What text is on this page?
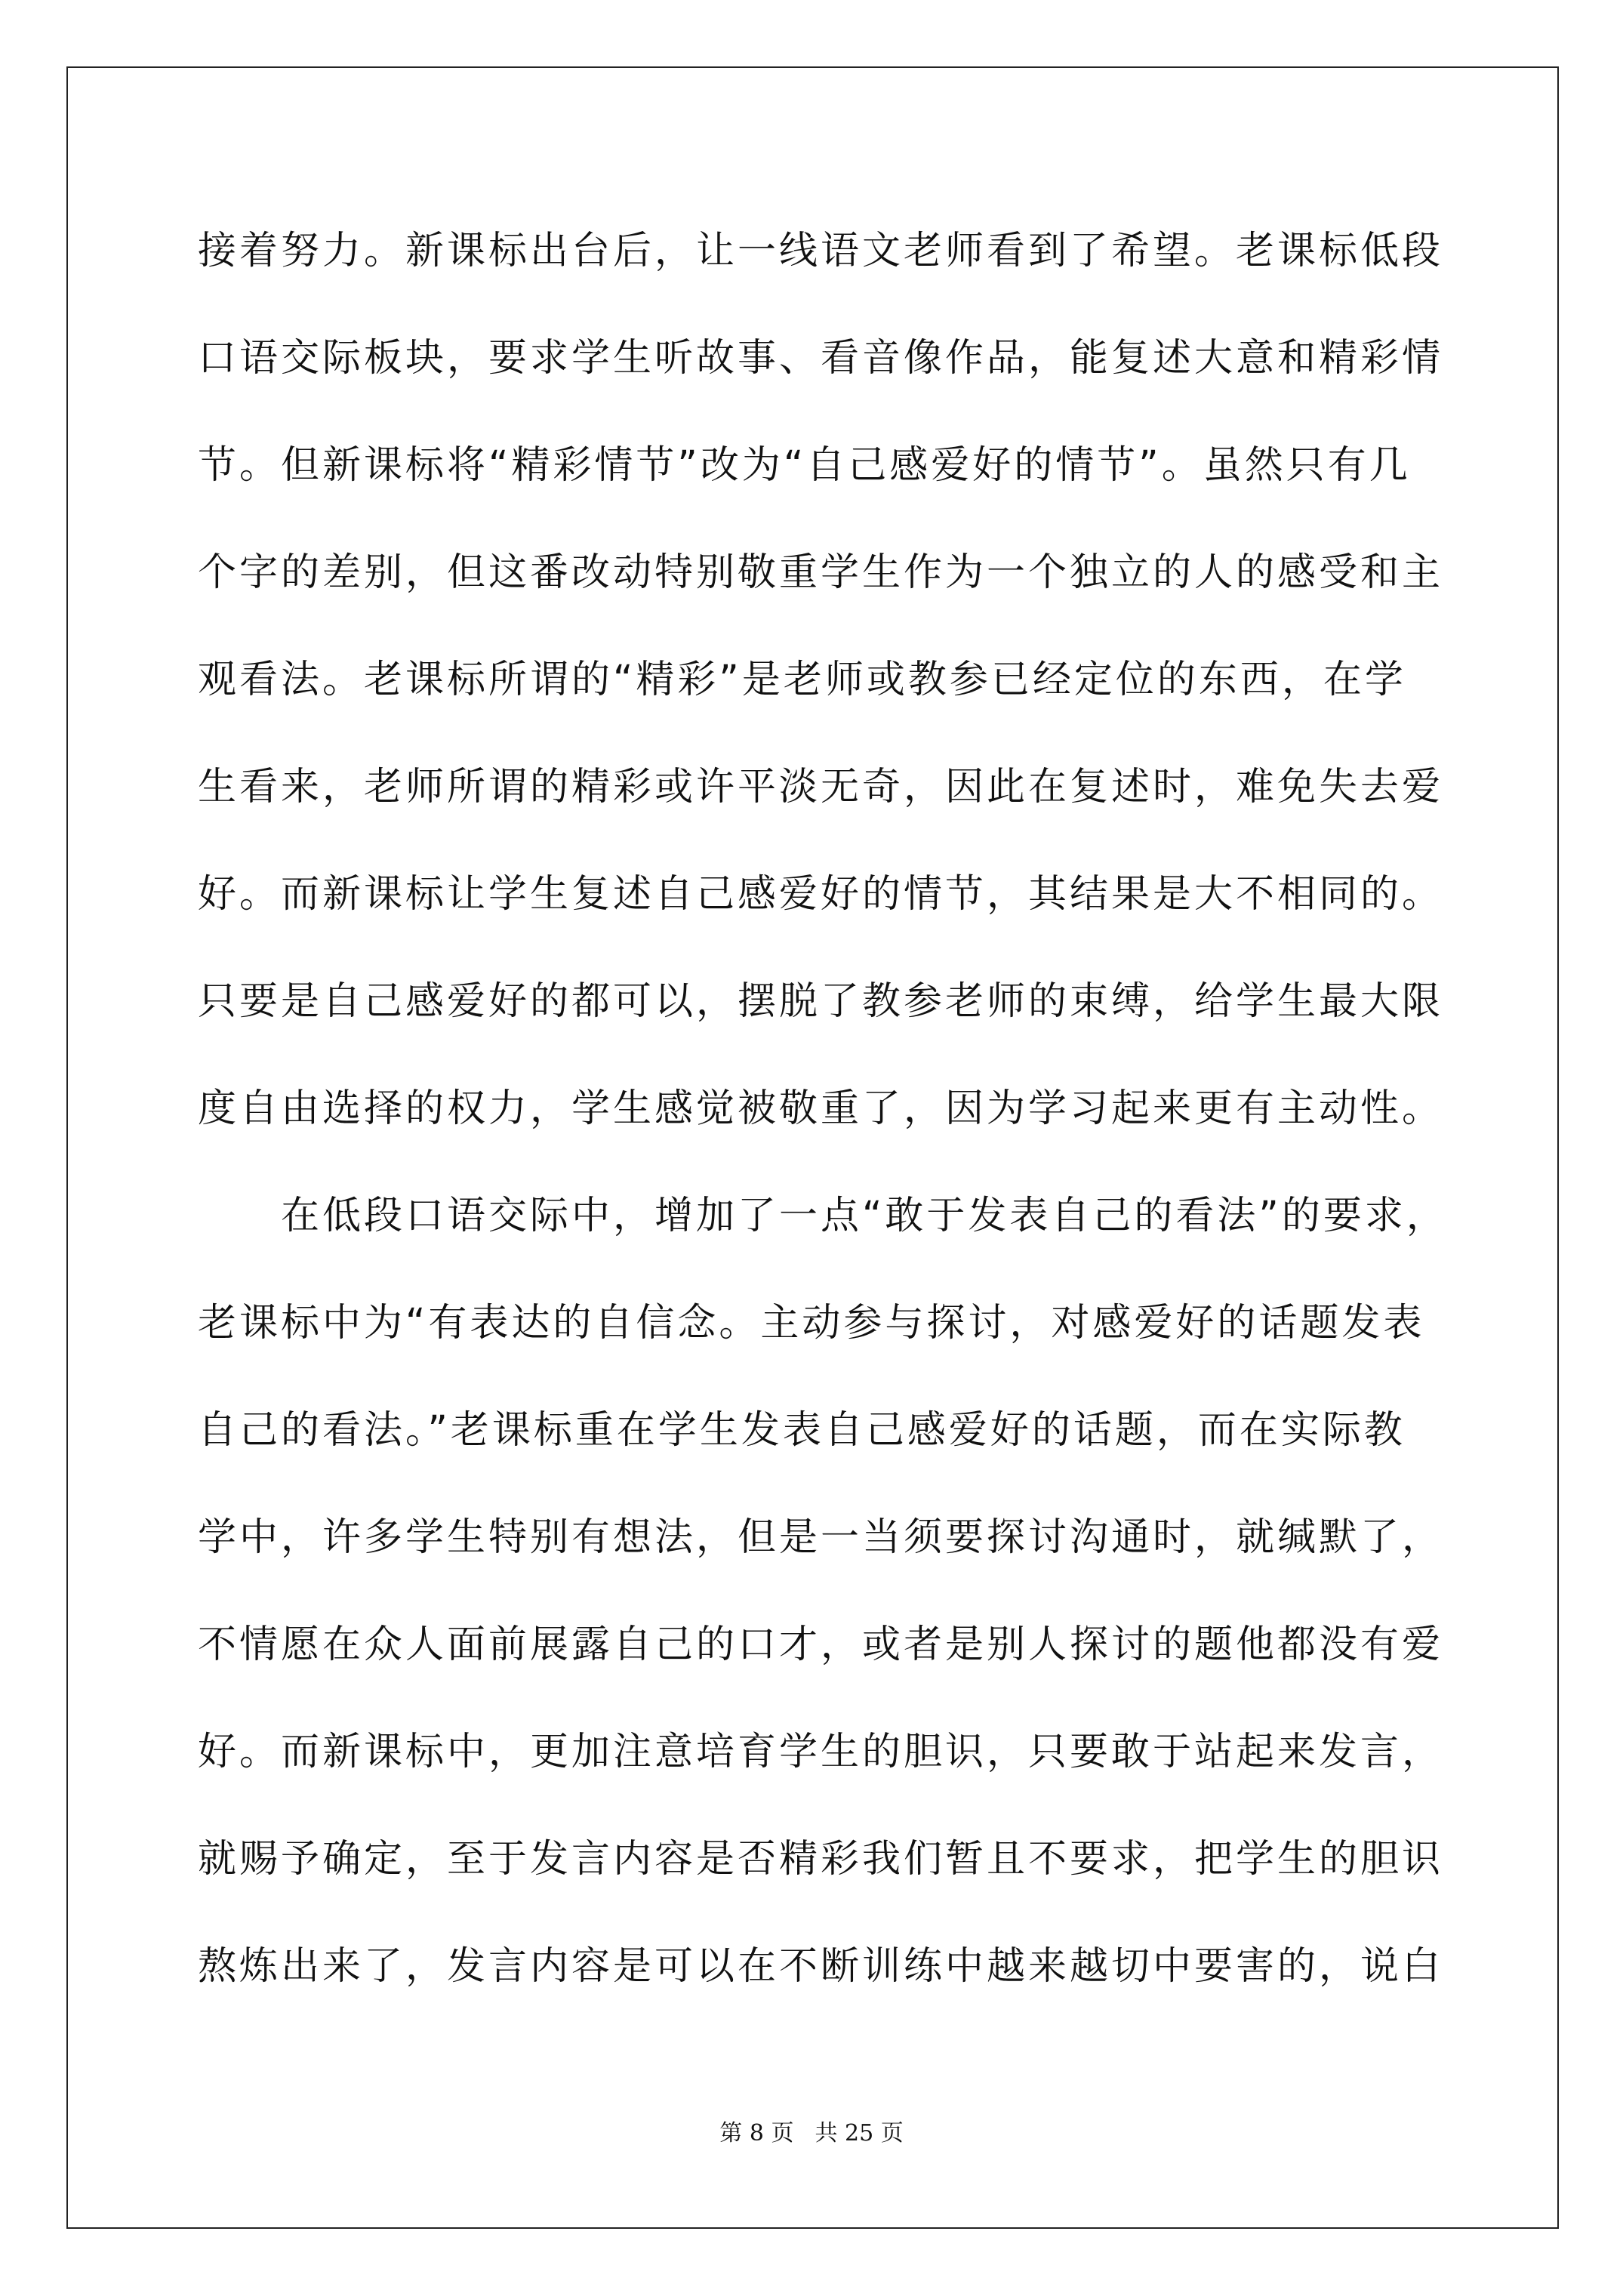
接着努力。新课标出台后，让一线语文老师看到了希望。老课标低段
口语交际板块，要求学生听故事、看音像作品，能复述大意和精彩情
节。但新课标将“精彩情节”改为“自己感爱好的情节”。虽然只有几
个字的差别，但这番改动特别敬重学生作为一个独立的人的感受和主
观看法。老课标所谓的“精彩”是老师或教参已经定位的东西，在学
生看来，老师所谓的精彩或许平淡无奇，因此在复述时，难免失去爱
好。而新课标让学生复述自己感爱好的情节，其结果是大不相同的。
只要是自己感爱好的都可以，摆脱了教参老师的束缚，给学生最大限
度自由选择的权力，学生感觉被敬重了，因为学习起来更有主动性。
在低段口语交际中，增加了一点“敢于发表自己的看法”的要求，
老课标中为“有表达的自信念。主动参与探讨，对感爱好的话题发表
自己的看法。”老课标重在学生发表自己感爱好的话题，而在实际教
学中，许多学生特别有想法，但是一当须要探讨沟通时，就缄默了，
不情愿在众人面前展露自己的口才，或者是别人探讨的题他都没有爱
好。而新课标中，更加注意培育学生的胆识，只要敢于站起来发言，
就赐予确定，至于发言内容是否精彩我们暂且不要求，把学生的胆识
熬炼出来了，发言内容是可以在不断训练中越来越切中要害的，说白
第 8 页 共 25 页
